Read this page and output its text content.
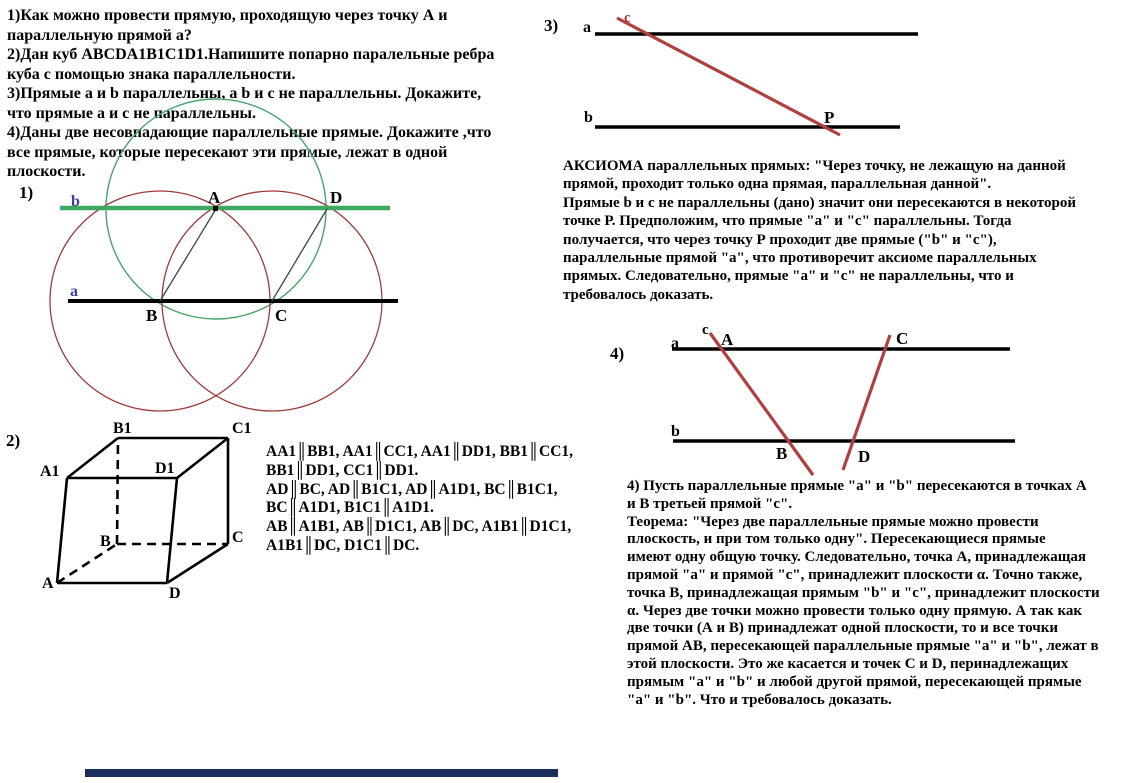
1)Как можно провести прямую, проходящую через точку А и
параллельную прямой а?
2)Дан куб ABCDA1B1C1D1.Напишите попарно паралельные ребра
куба с помощью знака параллельности.
3)Прямые а и b параллельны, а b и с не параллельны. Докажите,
что прямые а и с не параллельны.
4)Даны две несовпадающие параллельные прямые. Докажите ,что
все прямые, которые пересекают эти прямые, лежат в одной
плоскости.
1) b
a
A	D
B	C
2)
A1
B1	C1
D1
A
B	C
D
AA1║BB1, AA1║CC1, AA1║DD1, BB1║CC1,
BB1║DD1, CC1║DD1.
AD║BC, AD║B1C1, AD║A1D1, BC║B1C1,
BC║A1D1, B1C1║A1D1.
AB║A1B1, AB║D1C1, AB║DC, A1B1║D1C1,
A1B1║DC, D1C1║DC.
3) a
c
b	P
АКСИОМА параллельных прямых: "Через точку, не лежащую на данной
прямой, проходит только одна прямая, параллельная данной".
Прямые b и с не параллельны (дано) значит они пересекаются в некоторой
точке Р. Предположим, что прямые "а" и "с" параллельны. Тогда
получается, что через точку Р проходит две прямые ("b" и "с"),
параллельные прямой "а", что противоречит аксиоме параллельных
прямых. Следовательно, прямые "а" и "с" не параллельны, что и
требовалось доказать.
4)
c
a A	C
b
B	D
4) Пусть параллельные прямые "а" и "b" пересекаются в точках А
и В третьей прямой "с".
Теорема: "Через две параллельные прямые можно провести
плоскость, и при том только одну". Пересекающиеся прямые
имеют одну общую точку. Следовательно, точка А, принадлежащая
прямой "а" и прямой "с", принадлежит плоскости α. Точно также,
точка В, принадлежащая прямым "b" и "с", принадлежит плоскости
α. Через две точки можно провести только одну прямую. А так как
две точки (А и В) принадлежат одной плоскости, то и все точки
прямой АВ, пересекающей параллельные прямые "а" и "b", лежат в
этой плоскости. Это же касается и точек С и D, перинадлежащих
прямым "а" и "b" и любой другой прямой, пересекающей прямые
"а" и "b". Что и требовалось доказать.
